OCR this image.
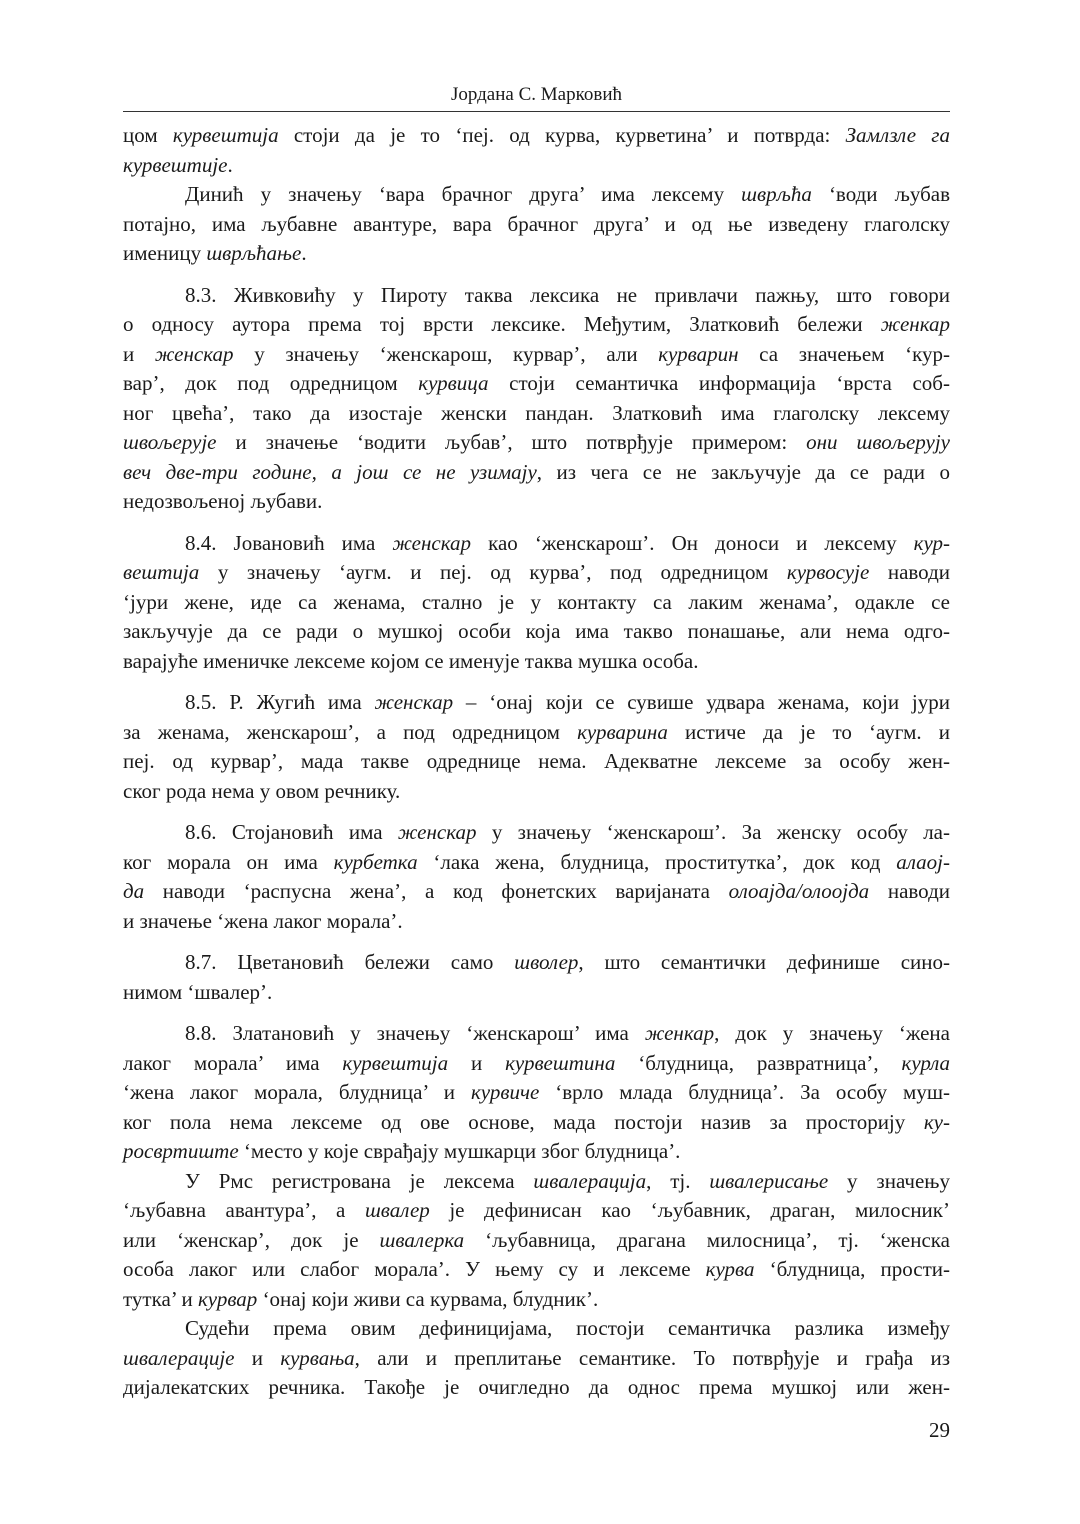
Јордана С. Марковић
цом курвештија стоји да је то ‘пеј. од курва, курветина’ и потврда: Замлзле га
курвештије.
Динић у значењу ‘вара брачног друга’ има лексему шврљћа ‘води љубав
потајно, има љубавне авантуре, вара брачног друга’ и од ње изведену глаголску
именицу шврљћање.
8.3. Живковићу у Пироту таква лексика не привлачи пажњу, што говори
о односу аутора према тој врсти лексике. Међутим, Златковић бележи женкар
и женскар у значењу ‘женскарош, курвар’, али курварин са значењем ‘кур-
вар’, док под одредницом курвица стоји семантичка информација ‘врста соб-
ног цвећа’, тако да изостаје женски пандан. Златковић има глаголску лексему
швољерује и значење ‘водити љубав’, што потврђује примером: они швољерују
веч две-три године, а још се не узимају, из чега се не закључује да се ради о
недозвољеној љубави.
8.4. Јовановић има женскар као ‘женскарош’. Он доноси и лексему кур-
вештија у значењу ‘аугм. и пеј. од курва’, под одредницом курвосује наводи
‘јури жене, иде са женама, стално је у контакту са лаким женама’, одакле се
закључује да се ради о мушкој особи која има такво понашање, али нема одго-
варајуће именичке лексеме којом се именује таква мушка особа.
8.5. Р. Жугић има женскар – ‘онај који се сувише удвара женама, који јури
за женама, женскарош’, а под одредницом курварина истиче да је то ‘аугм. и
пеј. од курвар’, мада такве одреднице нема. Адекватне лексеме за особу жен-
ског рода нема у овом речнику.
8.6. Стојановић има женскар у значењу ‘женскарош’. За женску особу ла-
ког морала он има курбетка ‘лака жена, блудница, проститутка’, док код алаој-
да наводи ‘распусна жена’, а код фонетских варијаната олоајда/олоојда наводи
и значење ‘жена лаког морала’.
8.7. Цветановић бележи само шволер, што семантички дефинише сино-
нимом ‘швалер’.
8.8. Златановић у значењу ‘женскарош’ има женкар, док у значењу ‘жена
лаког морала’ има курвештија и курвештина ‘блудница, развратница’, курла
‘жена лаког морала, блудница’ и курвиче ‘врло млада блудница’. За особу муш-
ког пола нема лексеме од ове основе, мада постоји назив за просторију ку-
росвртиште ‘место у које сврађају мушкарци због блудница’.
У Рмс регистрована је лексема швалерација, тј. швалерисање у значењу
‘љубавна авантура’, а швалер је дефинисан као ‘љубавник, драган, милосник’
или ‘женскар’, док је швалерка ‘љубавница, драгана милосница’, тј. ‘женска
особа лаког или слабог морала’. У њему су и лексеме курва ‘блудница, прости-
тутка’ и курвар ‘онај који живи са курвама, блудник’.
Судећи према овим дефиницијама, постоји семантичка разлика између
швалерације и курвања, али и преплитање семантике. То потврђује и грађа из
дијалекатских речника. Такође је очигледно да однос према мушкој или жен-
29
